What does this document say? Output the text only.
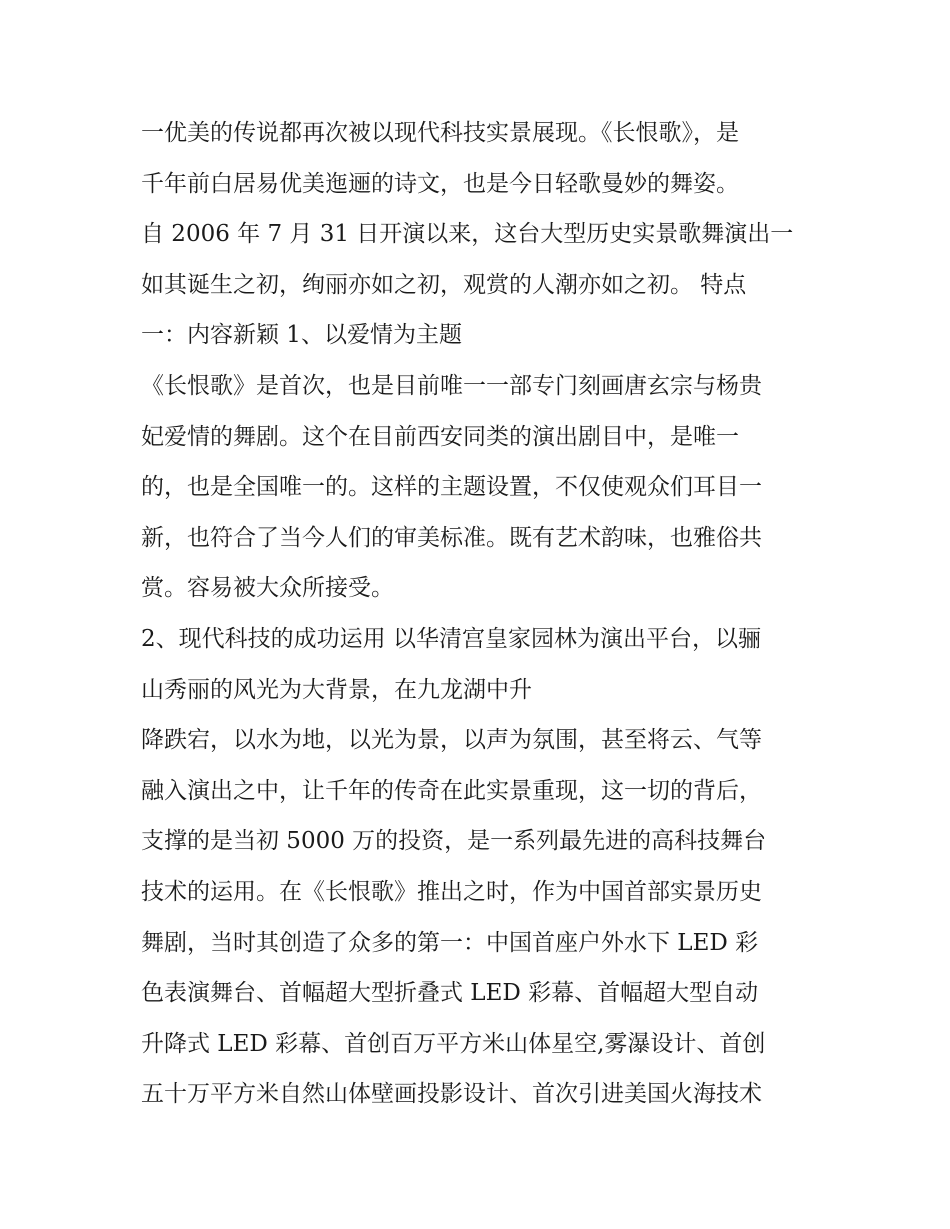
一优美的传说都再次被以现代科技实景展现。《长恨歌》，是
千年前白居易优美迤逦的诗文，也是今日轻歌曼妙的舞姿。
自 2006 年 7 月 31 日开演以来，这台大型历史实景歌舞演出一
如其诞生之初，绚丽亦如之初，观赏的人潮亦如之初。 特点
一：内容新颖 1、以爱情为主题
《长恨歌》是首次，也是目前唯一一部专门刻画唐玄宗与杨贵
妃爱情的舞剧。这个在目前西安同类的演出剧目中，是唯一
的，也是全国唯一的。这样的主题设置，不仅使观众们耳目一
新，也符合了当今人们的审美标准。既有艺术韵味，也雅俗共
赏。容易被大众所接受。
2、现代科技的成功运用 以华清宫皇家园林为演出平台，以骊
山秀丽的风光为大背景，在九龙湖中升
降跌宕，以水为地，以光为景，以声为氛围，甚至将云、气等
融入演出之中，让千年的传奇在此实景重现，这一切的背后，
支撑的是当初 5000 万的投资，是一系列最先进的高科技舞台
技术的运用。在《长恨歌》推出之时，作为中国首部实景历史
舞剧，当时其创造了众多的第一：中国首座户外水下 LED 彩
色表演舞台、首幅超大型折叠式 LED 彩幕、首幅超大型自动
升降式 LED 彩幕、首创百万平方米山体星空,雾瀑设计、首创
五十万平方米自然山体壁画投影设计、首次引进美国火海技术
